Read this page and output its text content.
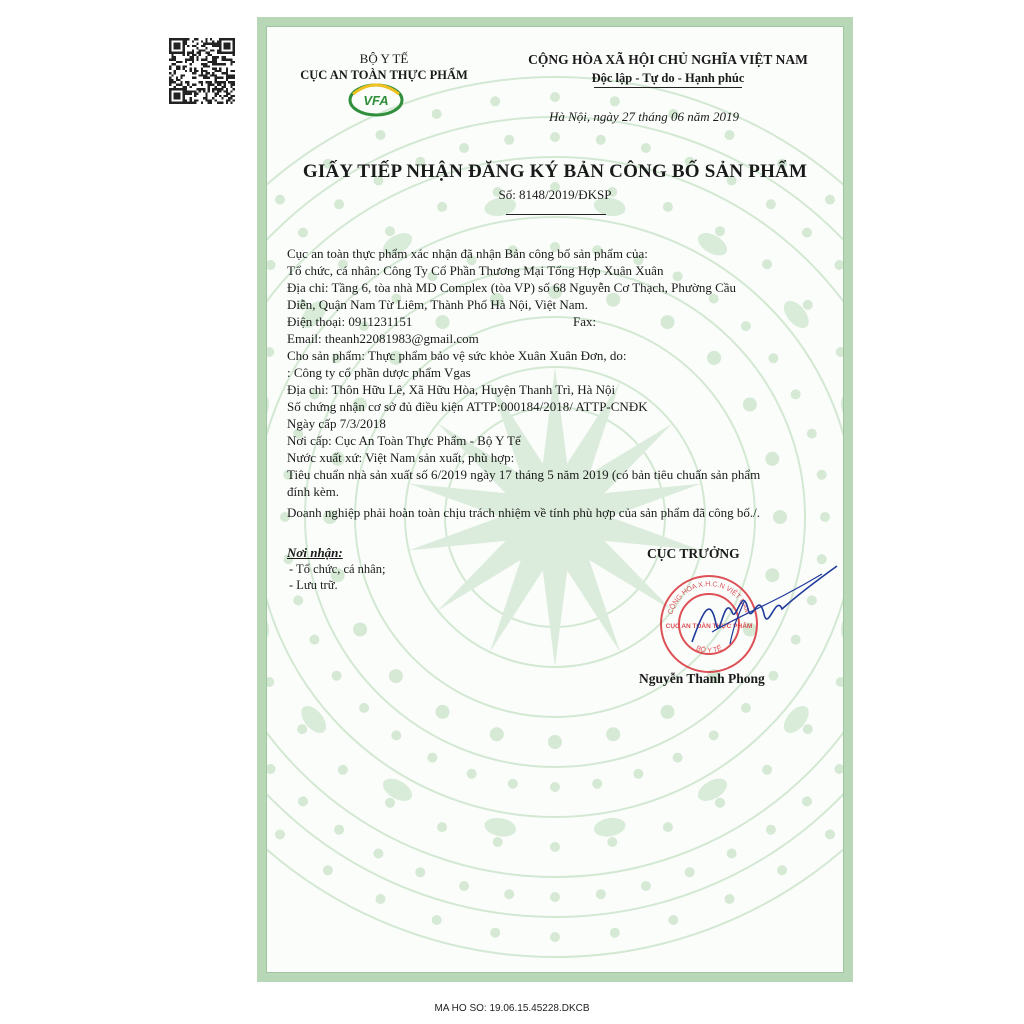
BỘ Y TẾ
CỤC AN TOÀN THỰC PHẨM
VFA
CỘNG HÒA XÃ HỘI CHỦ NGHĨA VIỆT NAM
Độc lập - Tự do - Hạnh phúc
Hà Nội, ngày 27 tháng 06 năm 2019
GIẤY TIẾP NHẬN ĐĂNG KÝ BẢN CÔNG BỐ SẢN PHẨM
Số: 8148/2019/ĐKSP

Cục an toàn thực phẩm xác nhận đã nhận Bản công bố sản phẩm của:

Tổ chức, cá nhân: Công Ty Cổ Phần Thương Mại Tổng Hợp Xuân Xuân

Địa chỉ: Tầng 6, tòa nhà MD Complex (tòa VP) số 68 Nguyễn Cơ Thạch, Phường Cầu

Diễn, Quận Nam Từ Liêm, Thành Phố Hà Nội, Việt Nam.

Điện thoại: 0911231151	Fax:

Email: theanh22081983@gmail.com

Cho sản phẩm: Thực phẩm bảo vệ sức khỏe Xuân Xuân Đơn, do:

: Công ty cổ phần dược phẩm Vgas

Địa chỉ: Thôn Hữu Lê, Xã Hữu Hòa, Huyện Thanh Trì, Hà Nội

Số chứng nhận cơ sở đủ điều kiện ATTP:000184/2018/ ATTP-CNĐK

Ngày cấp 7/3/2018

Nơi cấp: Cục An Toàn Thực Phẩm - Bộ Y Tế

Nước xuất xứ: Việt Nam sản xuất, phù hợp:

Tiêu chuẩn nhà sản xuất số 6/2019 ngày 17 tháng 5 năm 2019 (có bản tiêu chuẩn sản phẩm

đính kèm.

Doanh nghiệp phải hoàn toàn chịu trách nhiệm về tính phù hợp của sản phẩm đã công bố./.

Nơi nhận:
- Tổ chức, cá nhân;
- Lưu trữ.
CỤC TRƯỞNG
CỘNG HÒA X.H.C.N VIỆT NAM
BỘ Y TẾ
CỤC AN TOÀN THỰC PHẨM
Nguyễn Thanh Phong
MA HO SO: 19.06.15.45228.DKCB
